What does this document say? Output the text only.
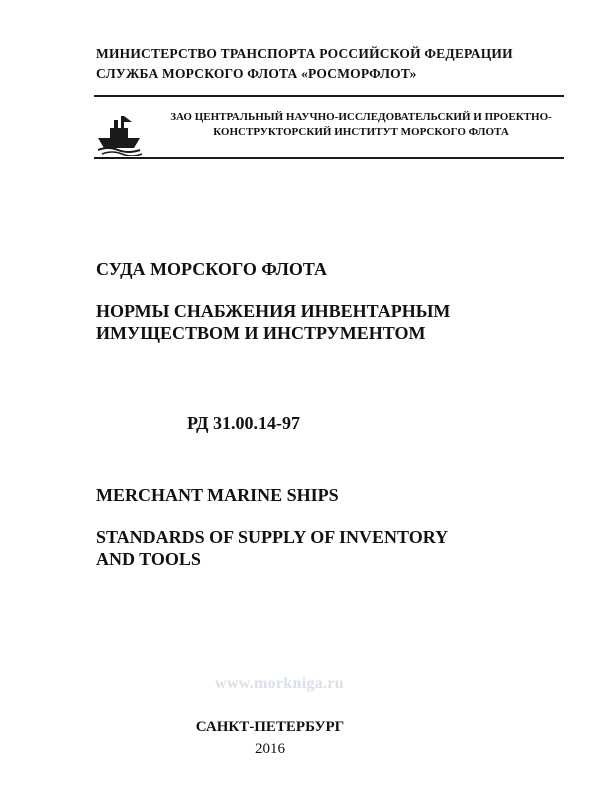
МИНИСТЕРСТВО ТРАНСПОРТА РОССИЙСКОЙ ФЕДЕРАЦИИ
СЛУЖБА МОРСКОГО ФЛОТА «РОСМОРФЛОТ»
ЗАО ЦЕНТРАЛЬНЫЙ НАУЧНО-ИССЛЕДОВАТЕЛЬСКИЙ И ПРОЕКТНО-
КОНСТРУКТОРСКИЙ ИНСТИТУТ МОРСКОГО ФЛОТА
СУДА МОРСКОГО ФЛОТА
НОРМЫ СНАБЖЕНИЯ ИНВЕНТАРНЫМ
ИМУЩЕСТВОМ И ИНСТРУМЕНТОМ
РД 31.00.14-97
MERCHANT MARINE SHIPS
STANDARDS OF SUPPLY OF INVENTORY
AND TOOLS
www.morkniga.ru
САНКТ-ПЕТЕРБУРГ
2016
